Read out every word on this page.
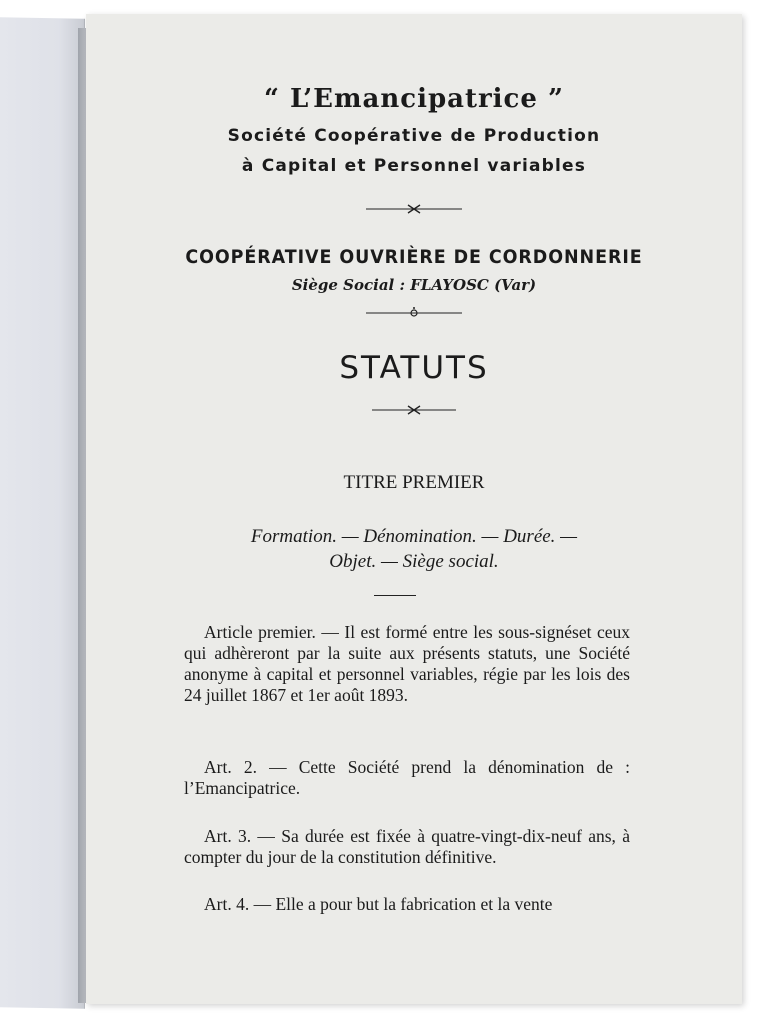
“ L’Emancipatrice ”
Société Coopérative de Production
à Capital et Personnel variables
COOPÉRATIVE OUVRIÈRE DE CORDONNERIE
Siège Social : FLAYOSC (Var)
STATUTS
TITRE PREMIER
Formation. — Dénomination. — Durée. —
Objet. — Siège social.
Article premier. — Il est formé entre les sous-signéset ceux qui adhèreront par la suite aux présents statuts, une Société anonyme à capital et personnel variables, régie par les lois des 24 juillet 1867 et 1er août 1893.
Art. 2. — Cette Société prend la dénomination de : l’Emancipatrice.
Art. 3. — Sa durée est fixée à quatre-vingt-dix-neuf ans, à compter du jour de la constitution définitive.
Art. 4. — Elle a pour but la fabrication et la vente
